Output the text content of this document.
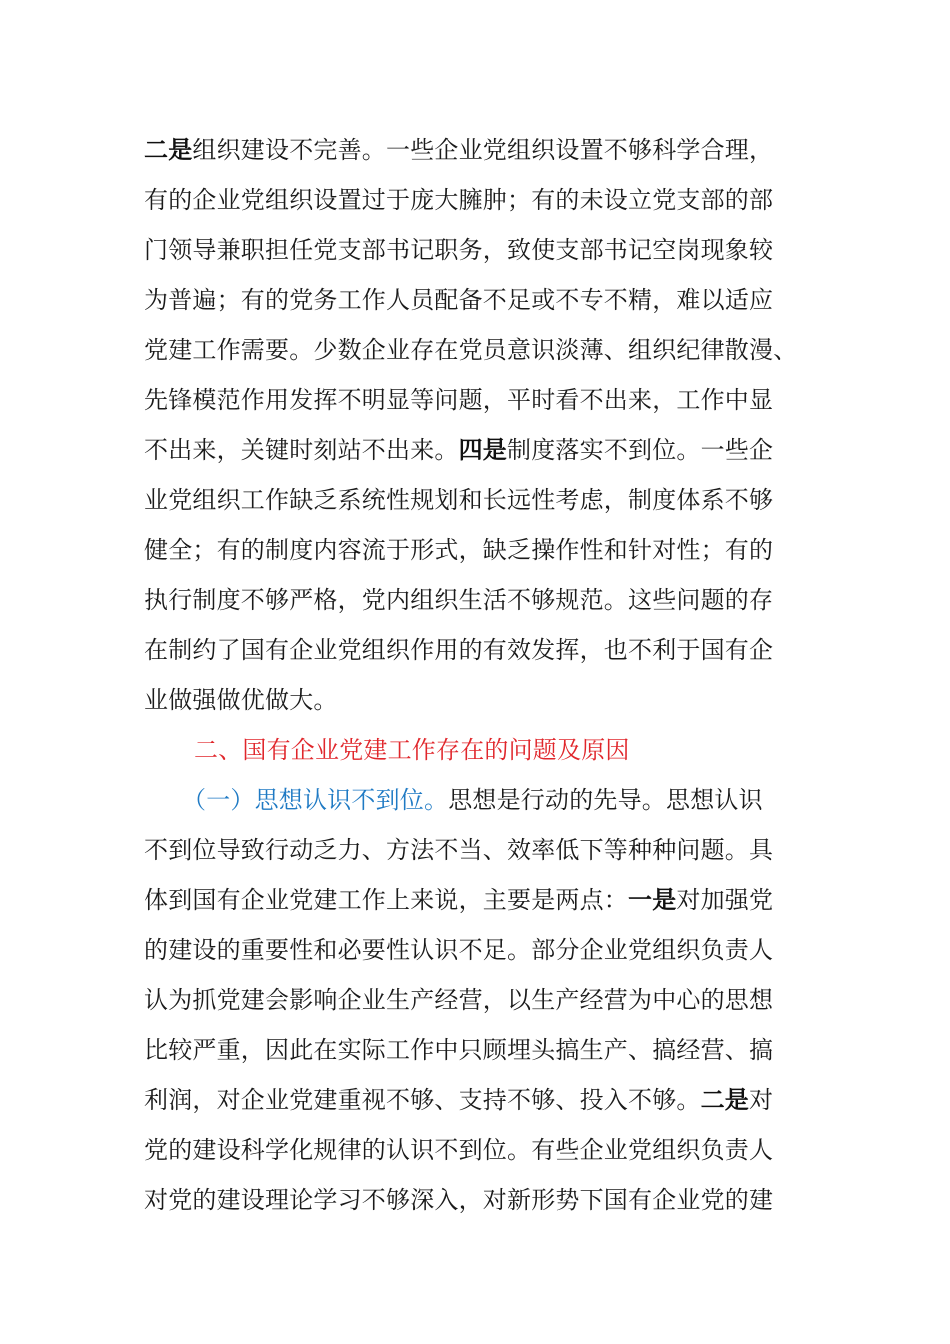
二是组织建设不完善。一些企业党组织设置不够科学合理，
有的企业党组织设置过于庞大臃肿；有的未设立党支部的部
门领导兼职担任党支部书记职务，致使支部书记空岗现象较
为普遍；有的党务工作人员配备不足或不专不精，难以适应
党建工作需要。少数企业存在党员意识淡薄、组织纪律散漫、
先锋模范作用发挥不明显等问题，平时看不出来，工作中显
不出来，关键时刻站不出来。四是制度落实不到位。一些企
业党组织工作缺乏系统性规划和长远性考虑，制度体系不够
健全；有的制度内容流于形式，缺乏操作性和针对性；有的
执行制度不够严格，党内组织生活不够规范。这些问题的存
在制约了国有企业党组织作用的有效发挥，也不利于国有企
业做强做优做大。
二、国有企业党建工作存在的问题及原因
（一）思想认识不到位。思想是行动的先导。思想认识
不到位导致行动乏力、方法不当、效率低下等种种问题。具
体到国有企业党建工作上来说，主要是两点：一是对加强党
的建设的重要性和必要性认识不足。部分企业党组织负责人
认为抓党建会影响企业生产经营，以生产经营为中心的思想
比较严重，因此在实际工作中只顾埋头搞生产、搞经营、搞
利润，对企业党建重视不够、支持不够、投入不够。二是对
党的建设科学化规律的认识不到位。有些企业党组织负责人
对党的建设理论学习不够深入，对新形势下国有企业党的建
